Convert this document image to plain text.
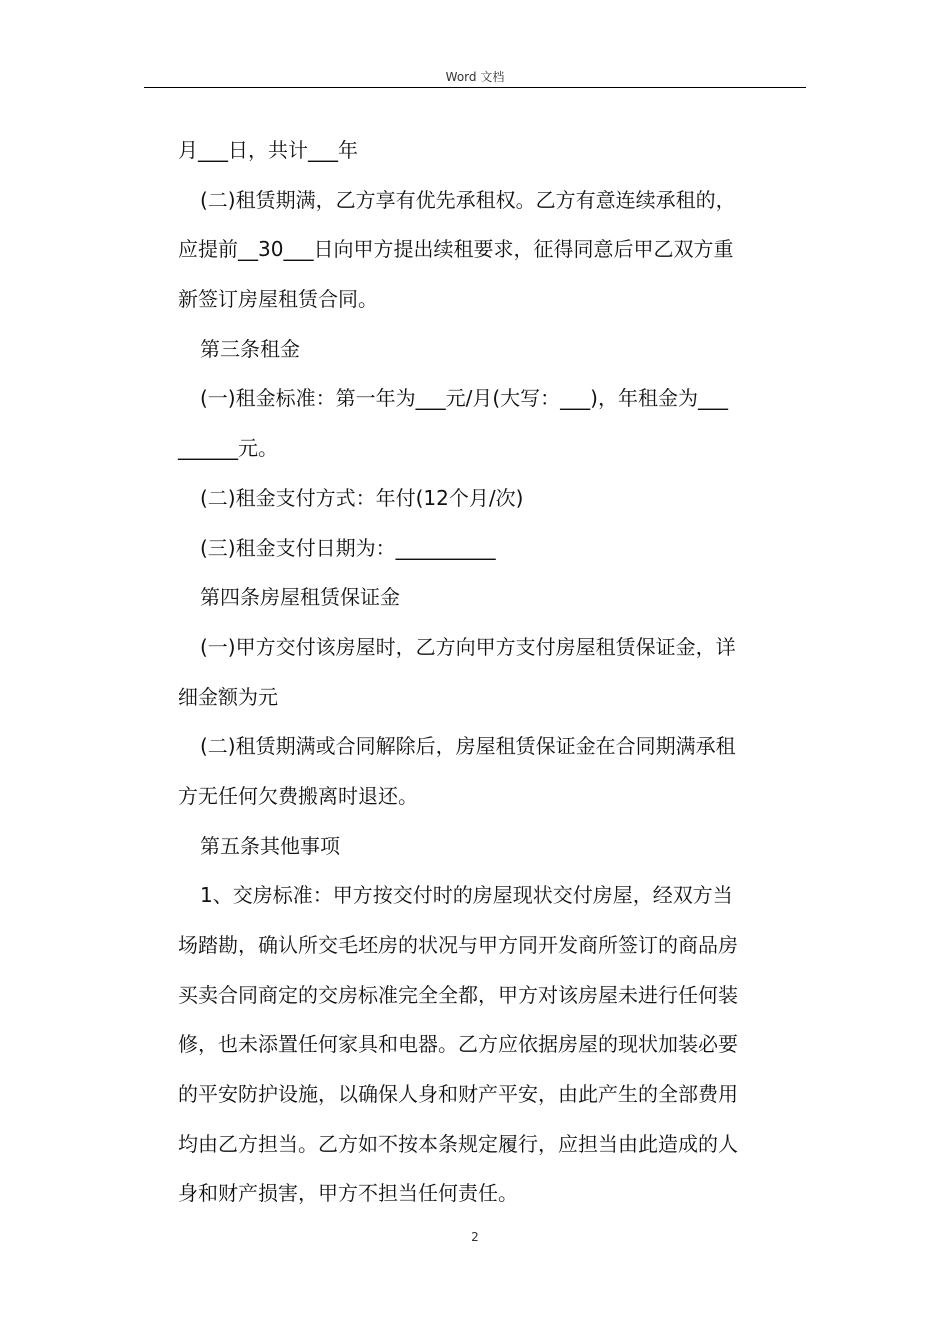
Word 文档
月___日，共计___年
(二)租赁期满，乙方享有优先承租权。乙方有意连续承租的，
应提前__30___日向甲方提出续租要求，征得同意后甲乙双方重
新签订房屋租赁合同。
第三条租金
(一)租金标准：第一年为___元/月(大写：___)，年租金为___
______元。
(二)租金支付方式：年付(12个月/次)
(三)租金支付日期为：__________
第四条房屋租赁保证金
(一)甲方交付该房屋时，乙方向甲方支付房屋租赁保证金，详
细金额为元
(二)租赁期满或合同解除后，房屋租赁保证金在合同期满承租
方无任何欠费搬离时退还。
第五条其他事项
1、交房标准：甲方按交付时的房屋现状交付房屋，经双方当
场踏勘，确认所交毛坯房的状况与甲方同开发商所签订的商品房
买卖合同商定的交房标准完全全都，甲方对该房屋未进行任何装
修，也未添置任何家具和电器。乙方应依据房屋的现状加装必要
的平安防护设施，以确保人身和财产平安，由此产生的全部费用
均由乙方担当。乙方如不按本条规定履行，应担当由此造成的人
身和财产损害，甲方不担当任何责任。
2
